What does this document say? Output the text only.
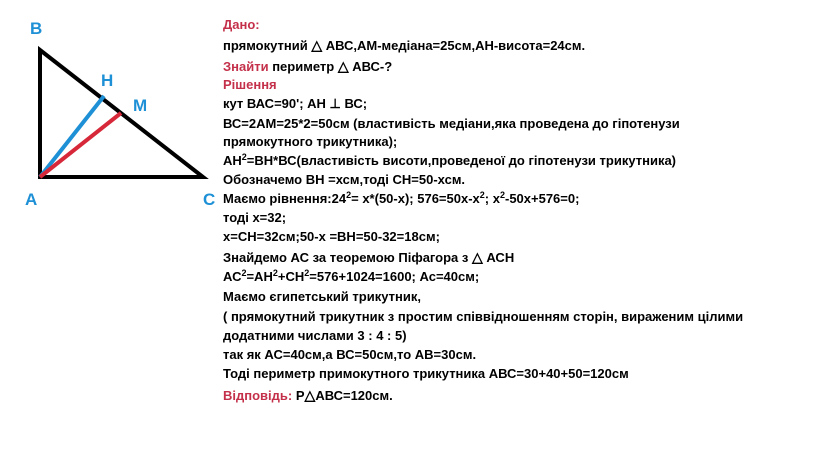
B
H
M
A	C
Дано:
прямокутний △ АВС,АМ-медіана=25см,АН-висота=24см.
Знайти периметр △ АВС-?
Рішення
кут ВАС=90'; АН ⊥ ВС;
ВС=2АМ=25*2=50см (властивість медіани,яка проведена до гіпотенузи
прямокутного трикутника);
$АН^2=ВН*ВС(властивість$ висоти,проведеної до гіпотенузи трикутника)
Обозначемо ВН =хсм,тоді СН=50-хсм.
Маємо $рівнення:24^2= х*(50-х)$; $576=50х-х^2$; $х^2-50х+576=0$;
тоді х=32;
х=СН=32см;50-х =ВН=50-32=18см;
Знайдемо АС за теоремою Піфагора з △ АСН
$АС^2=АН^2+СН^2=576+1024=1600$; Ас=40см;
Маємо єгипетський трикутник,
( прямокутний трикутник з простим співвідношенням сторін, вираженим цілими
додатними числами 3 : 4 : 5)
так як АС=40см,а ВС=50см,то АВ=30см.
Тоді периметр примокутного трикутника АВС=30+40+50=120см
Відповідь: Р△АВС=120см.
